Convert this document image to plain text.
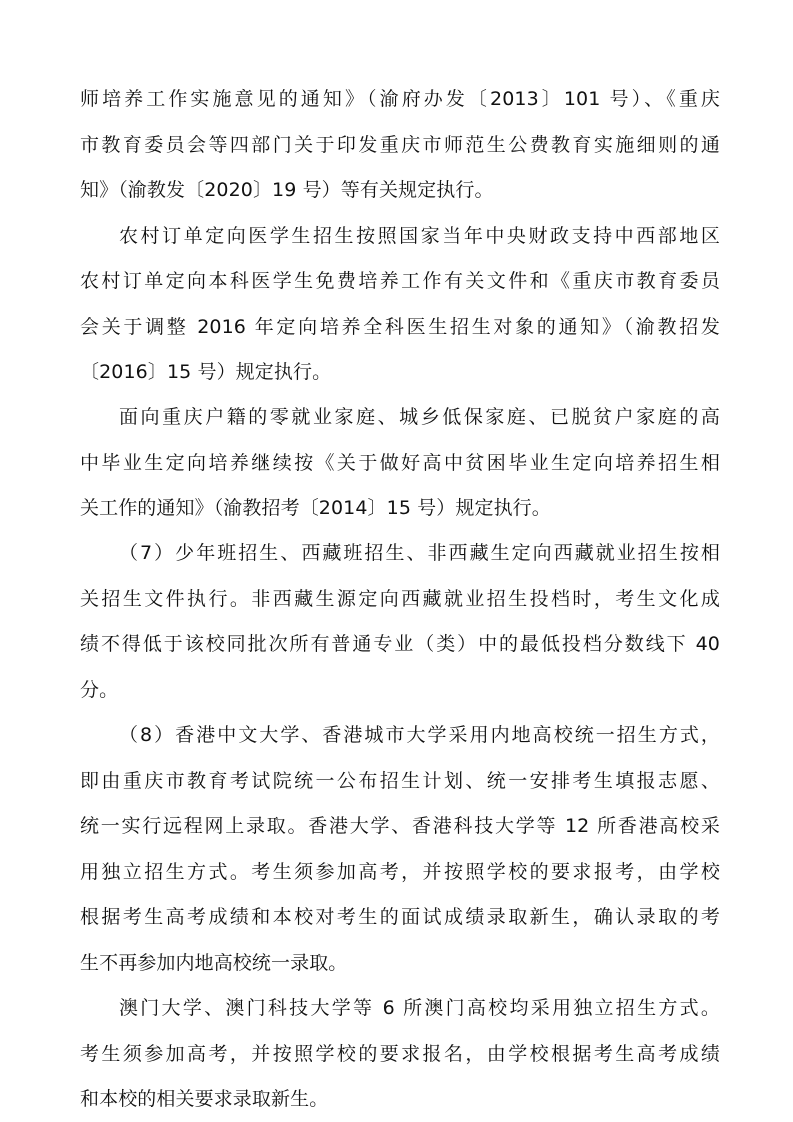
师培养工作实施意见的通知》（渝府办发〔2013〕101 号）、《重庆
市教育委员会等四部门关于印发重庆市师范生公费教育实施细则的通
知》（渝教发〔2020〕19 号）等有关规定执行。
农村订单定向医学生招生按照国家当年中央财政支持中西部地区
农村订单定向本科医学生免费培养工作有关文件和《重庆市教育委员
会关于调整 2016 年定向培养全科医生招生对象的通知》（渝教招发
〔2016〕15 号）规定执行。
面向重庆户籍的零就业家庭、城乡低保家庭、已脱贫户家庭的高
中毕业生定向培养继续按《关于做好高中贫困毕业生定向培养招生相
关工作的通知》（渝教招考〔2014〕15 号）规定执行。
（7）少年班招生、西藏班招生、非西藏生定向西藏就业招生按相
关招生文件执行。非西藏生源定向西藏就业招生投档时，考生文化成
绩不得低于该校同批次所有普通专业（类）中的最低投档分数线下 40
分。
（8）香港中文大学、香港城市大学采用内地高校统一招生方式，
即由重庆市教育考试院统一公布招生计划、统一安排考生填报志愿、
统一实行远程网上录取。香港大学、香港科技大学等 12 所香港高校采
用独立招生方式。考生须参加高考，并按照学校的要求报考，由学校
根据考生高考成绩和本校对考生的面试成绩录取新生，确认录取的考
生不再参加内地高校统一录取。
澳门大学、澳门科技大学等 6 所澳门高校均采用独立招生方式。
考生须参加高考，并按照学校的要求报名，由学校根据考生高考成绩
和本校的相关要求录取新生。
